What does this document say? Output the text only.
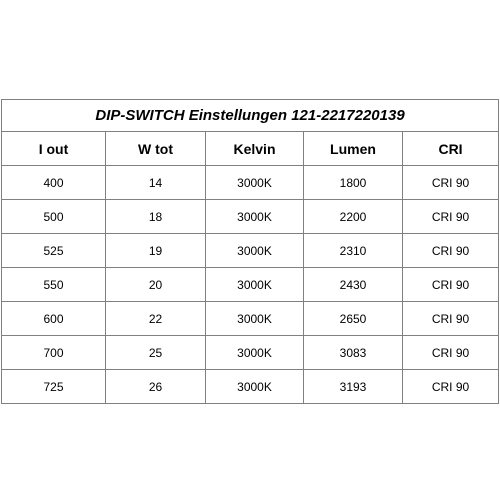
DIP-SWITCH Einstellungen 121-2217220139				
I out	W tot	Kelvin	Lumen	CRI
400	14	3000K	1800	CRI 90
500	18	3000K	2200	CRI 90
525	19	3000K	2310	CRI 90
550	20	3000K	2430	CRI 90
600	22	3000K	2650	CRI 90
700	25	3000K	3083	CRI 90
725	26	3000K	3193	CRI 90
